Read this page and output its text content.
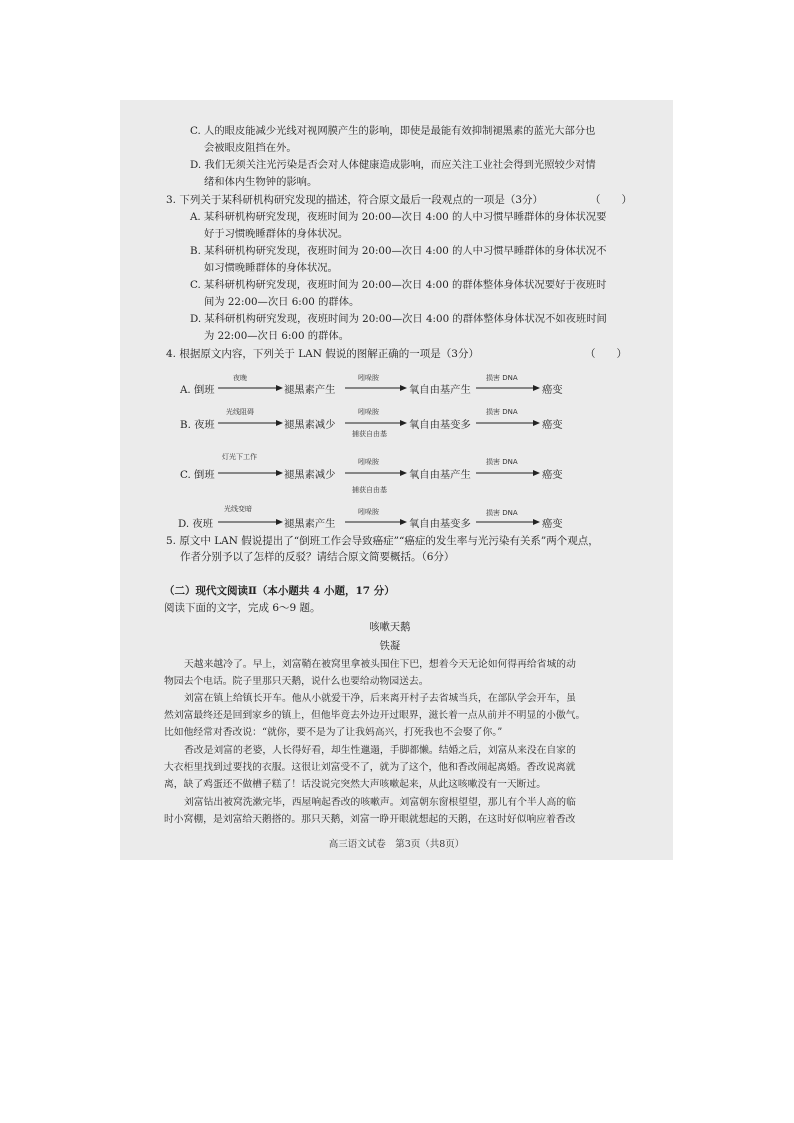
C. 人的眼皮能减少光线对视网膜产生的影响，即使是最能有效抑制褪黑素的蓝光大部分也
会被眼皮阻挡在外。
D. 我们无须关注光污染是否会对人体健康造成影响，而应关注工业社会得到光照较少对情
绪和体内生物钟的影响。
3. 下列关于某科研机构研究发现的描述，符合原文最后一段观点的一项是（3分）	（　　）
A. 某科研机构研究发现，夜班时间为 20:00—次日 4:00 的人中习惯早睡群体的身体状况要
好于习惯晚睡群体的身体状况。
B. 某科研机构研究发现，夜班时间为 20:00—次日 4:00 的人中习惯早睡群体的身体状况不
如习惯晚睡群体的身体状况。
C. 某科研机构研究发现，夜班时间为 20:00—次日 4:00 的群体整体身体状况要好于夜班时
间为 22:00—次日 6:00 的群体。
D. 某科研机构研究发现，夜班时间为 20:00—次日 4:00 的群体整体身体状况不如夜班时间
为 22:00—次日 6:00 的群体。
4. 根据原文内容，下列关于 LAN 假说的图解正确的一项是（3分）	（　　）
A. 倒班
夜晚
褪黑素产生
吲哚胺
氧自由基产生
损害 DNA
癌变
B. 夜班
光线阻碍
褪黑素减少
吲哚胺
捕获自由基
氧自由基变多
损害 DNA
癌变
C. 倒班
灯光下工作
褪黑素减少
吲哚胺
捕获自由基
氧自由基产生
损害 DNA
癌变
D. 夜班
光线变暗
褪黑素产生
吲哚胺
氧自由基变多
损害 DNA
癌变
5. 原文中 LAN 假说提出了“倒班工作会导致癌症”“癌症的发生率与光污染有关系”两个观点，
作者分别予以了怎样的反驳？请结合原文简要概括。（6分）
（二）现代文阅读Ⅱ（本小题共 4 小题，17 分）
阅读下面的文字，完成 6～9 题。
咳嗽天鹅
铁凝
天越来越冷了。早上，刘富鞘在被窝里拿被头围住下巴，想着今天无论如何得再给省城的动
物园去个电话。院子里那只天鹅，说什么也要给动物园送去。
刘富在镇上给镇长开车。他从小就爱干净，后来离开村子去省城当兵，在部队学会开车，虽
然刘富最终还是回到家乡的镇上，但他毕竟去外边开过眼界，滋长着一点从前并不明显的小傲气。
比如他经常对香改说：“就你，要不是为了让我妈高兴，打死我也不会娶了你。”
香改是刘富的老婆，人长得好看，却生性邋遢，手脚都懒。结婚之后，刘富从来没在自家的
大衣柜里找到过要找的衣服。这很让刘富受不了，就为了这个，他和香改闹起离婚。香改说离就
离，缺了鸡蛋还不做槽子糕了！话没说完突然大声咳嗽起来，从此这咳嗽没有一天断过。
刘富钻出被窝洗漱完毕，西屋响起香改的咳嗽声。刘富朝东窗根望望，那儿有个半人高的临
时小窝棚，是刘富给天鹅搭的。那只天鹅，刘富一睁开眼就想起的天鹅，在这时好似响应着香改
高三语文试卷　第3页（共8页）
